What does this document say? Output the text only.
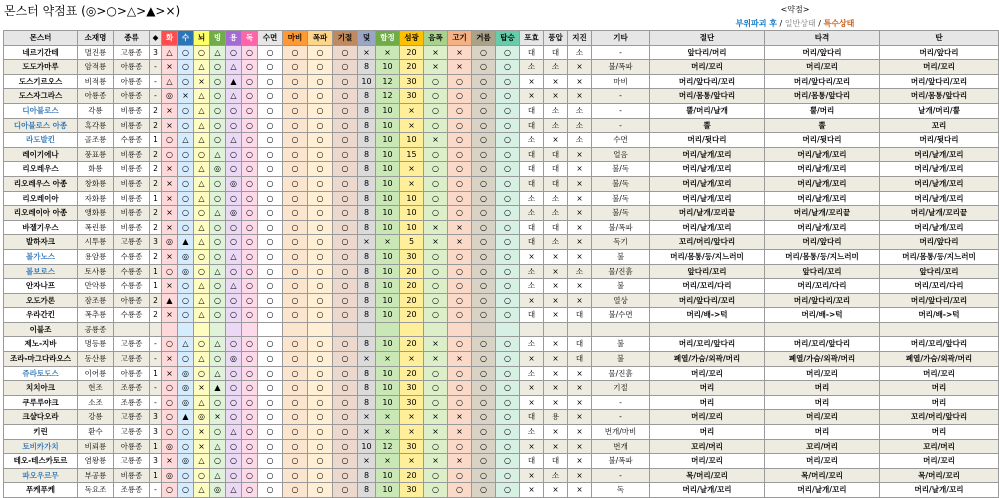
몬스터 약점표 (◎>○>△>▲>×)	<약점>
부위파괴 후 / 일반상태 / 특수상태
몬스터	소재명	종류	◆	화	수	뇌	빙	용	독	수면	마비	폭파	기절	덫	함정	섬광	음폭	고기	거름	탑승	포효	풍압	지진	기타	절단	타격	탄
네르기간테	멸진룡	고룡종	3	△	○	○	△	○	○	○	○	○	○	×	×	20	×	×	○	○	대	대	소	-	앞다리/머리	머리/앞다리	머리/앞다리
도도가마루	암적룡	아룡종	-	×	○	△	○	△	○	○	○	○	○	8	10	20	×	×	○	○	소	소	×	불/폭파	머리/꼬리	머리/꼬리	머리/꼬리
도스기르오스	비적룡	아룡종	-	△	○	×	○	▲	○	○	○	○	○	10	12	30	○	○	○	○	×	×	×	마비	머리/앞다리/꼬리	머리/앞다리/꼬리	머리/앞다리/꼬리
도스자그라스	아룡종	아룡종	-	◎	×	△	○	△	○	○	○	○	○	8	12	30	○	○	○	○	×	×	×	-	머리/몸통/앞다리	머리/몸통/앞다리	머리/몸통/앞다리
디아블로스	각룡	비룡종	2	×	○	△	○	○	○	○	○	○	○	8	10	×	○	○	○	○	대	소	소	-	뿔/머리/날개	뿔/머리	날개/머리/뿔
디아블로스 아종	흑각룡	비룡종	2	×	○	△	○	○	○	○	○	○	○	8	10	×	○	○	○	○	대	소	소	-	뿔	뿔	꼬리
라도발킨	골조룡	수룡종	1	○	△	△	○	△	○	○	○	○	○	8	10	10	×	○	○	○	소	×	소	수면	머리/뒷다리	머리/뒷다리	머리/뒷다리
레이기에나	풍표룡	비룡종	2	○	○	○	△	○	○	○	○	○	○	8	10	15	○	○	○	○	대	대	×	얼음	머리/날개/꼬리	머리/날개/꼬리	머리/날개/꼬리
리오레우스	화룡	비룡종	2	×	○	△	◎	○	○	○	○	○	○	8	10	×	○	○	○	○	대	대	×	불/독	머리/날개/꼬리	머리/날개/꼬리	머리/날개/꼬리
리오레우스 아종	창화룡	비룡종	2	×	○	△	○	◎	○	○	○	○	○	8	10	×	○	○	○	○	대	대	×	불/독	머리/날개/꼬리	머리/날개/꼬리	머리/날개/꼬리
리오레이아	자화룡	비룡종	1	×	○	△	○	○	○	○	○	○	○	8	10	10	○	○	○	○	소	소	×	불/독	머리/날개/꼬리	머리/날개/꼬리	머리/날개/꼬리
리오레이아 아종	앵화룡	비룡종	2	×	○	○	△	◎	○	○	○	○	○	8	10	10	○	○	○	○	소	소	×	불/독	머리/날개/꼬리끝	머리/날개/꼬리끝	머리/날개/꼬리끝
바젤기우스	폭린룡	비룡종	2	×	○	△	○	○	○	○	○	○	○	8	10	10	×	×	○	○	대	대	×	불/폭파	머리/날개/꼬리	머리/날개/꼬리	머리/날개/꼬리
발하자크	시투룡	고룡종	3	◎	▲	△	○	○	○	○	○	○	○	×	×	5	×	×	○	○	대	소	×	독기	꼬리/머리/앞다리	머리/앞다리	머리/앞다리
볼가노스	용암룡	수룡종	2	×	◎	○	○	△	○	○	○	○	○	8	10	30	○	○	○	○	×	×	×	불	머리/몸통/등/지느러미	머리/몸통/등/지느러미	머리/몸통/등/지느러미
볼보로스	토사룡	수룡종	1	○	◎	○	△	○	○	○	○	○	○	8	10	20	○	○	○	○	소	×	소	물/진흙	앞다리/꼬리	앞다리/꼬리	앞다리/꼬리
안자나프	만악룡	수룡종	1	×	○	△	○	△	○	○	○	○	○	8	10	20	○	○	○	○	소	×	×	불	머리/꼬리/다리	머리/꼬리/다리	머리/꼬리/다리
오도가론	잠조룡	아룡종	2	▲	○	△	○	○	○	○	○	○	○	8	10	20	○	○	○	○	×	×	×	열상	머리/앞다리/꼬리	머리/앞다리/꼬리	머리/앞다리/꼬리
우라간킨	폭추룡	수룡종	2	×	○	△	○	○	○	○	○	○	○	8	10	20	○	○	○	○	대	×	대	불/수면	머리/배->턱	머리/배->턱	머리/배->턱
이블조	공룡종																										
제노-지바	명등룡	고룡종	-	○	△	○	△	○	○	○	○	○	○	8	10	20	×	○	○	○	소	×	대	불	머리/꼬리/앞다리	머리/꼬리/앞다리	머리/꼬리/앞다리
조라-마그다라오스	동산룡	고룡종	-	×	○	△	○	◎	○	○	○	○	○	×	×	×	×	×	○	○	×	×	대	불	폐열/가슴/외곽/머리	폐열/가슴/외곽/머리	폐열/가슴/외곽/머리
쥬라토도스	이어룡	아룡종	1	×	◎	○	△	○	○	○	○	○	○	8	10	20	○	○	○	○	소	×	×	물/진흙	머리/꼬리	머리/꼬리	머리/꼬리
치치아크	현조	조룡종	-	○	◎	×	▲	○	○	○	○	○	○	8	10	30	○	○	○	○	×	×	×	기절	머리	머리	머리
쿠루루야크	소조	조룡종	-	○	◎	△	○	○	○	○	○	○	○	8	10	30	○	○	○	○	×	×	×	-	머리	머리	머리
크샬다오라	강룡	고룡종	3	○	▲	◎	×	○	○	○	○	○	○	×	×	×	×	×	○	○	대	용	×	-	머리/꼬리	머리/꼬리	꼬리/머리/앞다리
키린	환수	고룡종	3	○	○	×	○	△	○	○	○	○	○	×	×	×	×	×	○	○	소	×	×	번개/마비	머리	머리	머리
토비카가치	비뢰룡	아룡종	1	◎	○	×	△	○	○	○	○	○	○	10	12	30	○	○	○	○	×	×	×	번개	꼬리/머리	꼬리/머리	꼬리/머리
테오-테스카토르	염왕룡	고룡종	3	×	◎	△	○	○	○	○	○	○	○	×	×	×	×	×	○	○	대	대	×	불/폭파	머리/꼬리	머리/꼬리	머리/꼬리
파오우르무	부공룡	비룡종	1	◎	○	○	△	○	○	○	○	○	○	8	10	20	○	○	○	○	×	소	×	-	목/머리/꼬리	목/머리/꼬리	목/머리/꼬리
푸케푸케	독요조	조룡종	-	○	○	△	◎	△	○	○	○	○	○	8	10	30	○	○	○	○	×	×	×	독	머리/날개/꼬리	머리/날개/꼬리	머리/날개/꼬리
